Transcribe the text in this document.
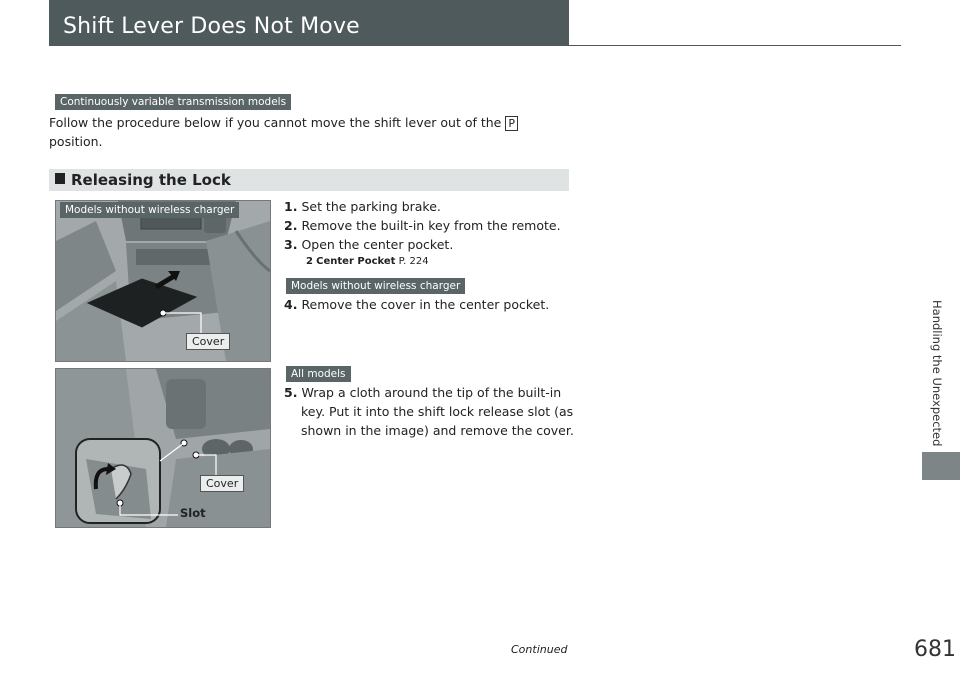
Shift Lever Does Not Move
Continuously variable transmission models
Follow the procedure below if you cannot move the shift lever out of the P
position.
Releasing the Lock
Models without wireless charger
Cover
Cover
Slot
1. Set the parking brake.
2. Remove the built-in key from the remote.
3. Open the center pocket.
2 Center Pocket P. 224
Models without wireless charger
4. Remove the cover in the center pocket.
All models
5. Wrap a cloth around the tip of the built-in
key. Put it into the shift lock release slot (as
shown in the image) and remove the cover.	Handling the Unexpected
Continued	681
